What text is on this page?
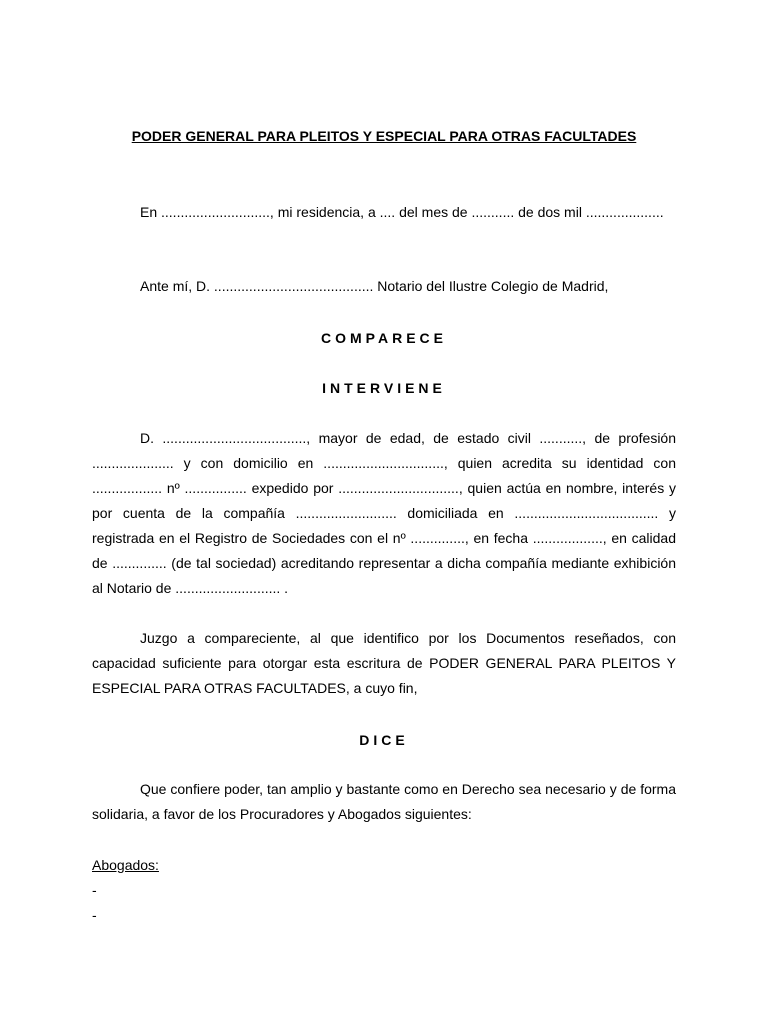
PODER GENERAL PARA PLEITOS Y ESPECIAL PARA OTRAS FACULTADES

En ............................, mi residencia, a .... del mes de ........... de dos mil ....................

Ante mí, D. ......................................... Notario del Ilustre Colegio de Madrid,

COMPARECE
INTERVIENE

D. ....................................., mayor de edad, de estado civil ..........., de profesión ..................... y con domicilio en ..............................., quien acredita su identidad con .................. nº ................ expedido por ..............................., quien actúa en nombre, interés y por cuenta de la compañía .......................... domiciliada en ..................................... y registrada en el Registro de Sociedades con el nº .............., en fecha .................., en calidad de .............. (de tal sociedad) acreditando representar a dicha compañía mediante exhibición al Notario de ........................... .

Juzgo a compareciente, al que identifico por los Documentos reseñados, con capacidad suficiente para otorgar esta escritura de PODER GENERAL PARA PLEITOS Y ESPECIAL PARA OTRAS FACULTADES, a cuyo fin,

DICE

Que confiere poder, tan amplio y bastante como en Derecho sea necesario y de forma solidaria, a favor de los Procuradores y Abogados siguientes:

Abogados:

-

-
